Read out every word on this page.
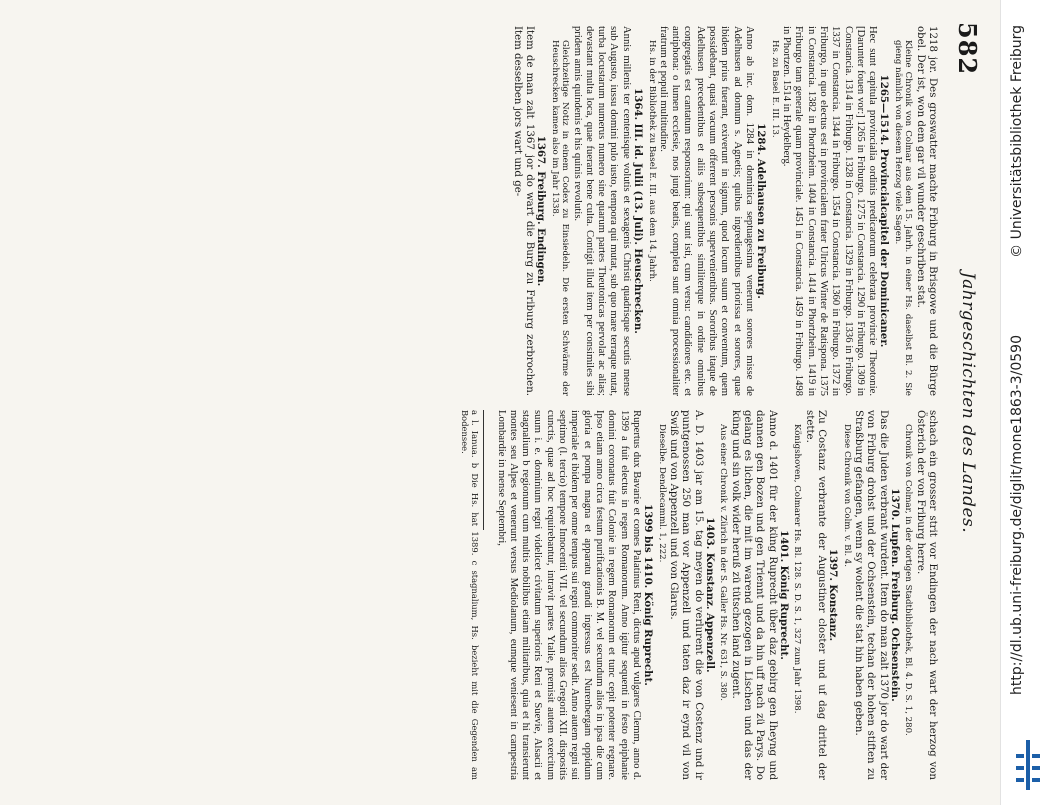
582
Jahrgeschichten des Landes.

1218 jor. Des groswatter machte Friburg in Brisgowe und die Bürge obel. Der ist, won dem gar vil wunder geschriben stat.

Kleine Chronik von Colmar aus dem 15. Jahrh. in einer Hs. daselbst Bl. 2. Sie gieng nämlich von diesem Herzog viele Sagen.

1265—1514. Provincialcapitel der Dominicaner.

Hec sunt capitula provincialia ordinis predicatorum celebrata provincie Theotonie. [Darunter fouen vor:] 1265 in Friburgo. 1275 in Constancia. 1290 in Friburgo. 1309 in Constancia. 1314 in Friburgo. 1328 in Constancia. 1329 in Friburgo. 1336 in Friburgo. 1337 in Constancia. 1344 in Friburgo. 1354 in Constancia. 1360 in Friburgo. 1372 in Friburgo, in quo electus est in provincialem frater Ulricus Winter de Ratispona. 1375 in Constancia. 1382 in Phortzheim. 1404 in Constancia. 1414 in Phortzheim. 1419 in Friburgo tam generale quam provinciale. 1451 in Constancia. 1459 in Friburgo. 1498 in Phortzen. 1514 in Heydelberg.

Hs. zu Basel E. III. 13.

1284. Adelhausen zu Freiburg.

Anno ab inc. dom. 1284 in dominica septuagesima venerunt sorores misse de Adelhusen ad domum s. Agnetis; quibus ingredientibus priorissa et sorores, quae ibidem prius fuerant, exiverunt in signum, quod locum suum et conventum, quem possidebant, quasi vacuum offerrent personis supervenientibus. Sororibus itaque de Adelhusen precedentibus et aliis subsequentibus similiterque in ordine omnibus congregatis est cantatum responsorium: qui sunt isti, cum versu: candidiores etc. et antiphona: o lumen ecclesie, nos jungi beatis, completa sunt omnia processionaliter fratrum et populi multitudine.

Hs. in der Bibliothek zu Basel E. III. aus dem 14. Jahrh.

1364. III. id. Julii (13. Juli). Heuschrecken.

Annis millenis ter centenisque volutis et sexagenis Christi quadrisque secutis mense sub Augusto, iussu domini pulo iusto, tempora qui mutat, sub quo mare terraque nutat, turba locustarum numerus numero sine quarum partes Theutonicas pervolat ac alias; devastant multa loca, quae fuerant bene culta. Contigit illud item per consimiles sibi pridem annis quindenis et his quinis revolutis.

Gleichzeitige Notiz in einem Codex zu Einsiedeln. Die ersten Schwärme der Heuschrecken kamen also im Jahr 1338.

1367. Freiburg. Endingen.

Item de man zalt 1367 jor do wart die Burg zu Friburg zerbrochen. Item desselben jors wart und ge-

schach ein grosser strit vor Endingen der nach wart der herzog von Österich der von Friburg herre.

Chronik von Colmar, in der dortigen Stadtbibliothek, Bl. 4. D. S. 1, 280.

1370. Lupfen. Freiburg. Ochsenstein.

Das die Juden verbrant wurdent. Item do man zalt 1370 jor do wart der von Friburg drohst und der Ochsenstein, techan der hohen stiften zu Straßburg gefangen, wenn sy wolent die stat hin haben geben.

Diese Chronik von Colm. v. Bl. 4.

1397. Konstanz.

Zu Costanz verbrante der Augustiner closter und uf dag drittel der stette.

Königshoven, Colmarer Hs. Bl. 128. S. D. S. 1, 327 zum Jahr 1398.

1401. König Ruprecht.

Anno d. 1401 für der küng Ruprecht über daz gebirg gen Iheyng und dannen gen Bozen und gen Triennt und da hin uff nach zü Parys. Do gelang es lichen, die mit im warend gezogen in Lischen und das der küng und sin volk wider heruß zü tütschen land zugent.

Aus einer Chronik v. Zürich in der S. Galler Hs. Nr. 631, S. 380.

1403. Konstanz. Appenzell.

A. D. 1403 jar am 15. tag meyen do verlurent die von Costenz und ir puntgenossen 250 man vor Appenzell und taten daz ir eynd vil von Swiß und von Appenzell und von Glarus.

Dieselbe. Dendlecamml. 1, 222.

1399 bis 1410. König Ruprecht.

Rupertus dux Bavarie et comes Palatinus Reni, dictus apud vulgares Clemm, anno d. 1399 a fuit electus in regem Romanorum. Anno igitur sequenti in festo epiphanie domini coronatus fuit Colonie in regem Romanorum et tunc cepit potenter regnare. Ipso etiam anno circa festum purificationis B. M. vel secundum alios in ipsa die cum gloria et pompa magna et apparatu grandi ingressus est Nurenbergam oppidum imperiale et ibidem per omne tempus sui regni commoriter sedit. Anno autem regni sui septimo (l. tercio) tempore Innocentii VII. vel secundum alios Gregorii XII. dispositis cunctis, quae ad hoc requirebantur, intravit partes Ytalie, premisit autem exercitum suum i. e. dominium regni videlicet civitatum superioris Reni et Suevie, Alsacii et stagnalium b regionum cum multis nobilibus etiam militaribus, quia et hi transierunt montes seu Alpes et venerunt versus Mediolanum, eumque veniesent in campestria Lombardie in mense Septembri,

a l. Ianua. b Die Hs. hat 1389. c stagnalium, Hs. bezieht mit die Gegenden am Bodensee.	http://dl.ub.uni-freiburg.de/diglit/mone1863-3/0590
© Universitätsbibliothek Freiburg
